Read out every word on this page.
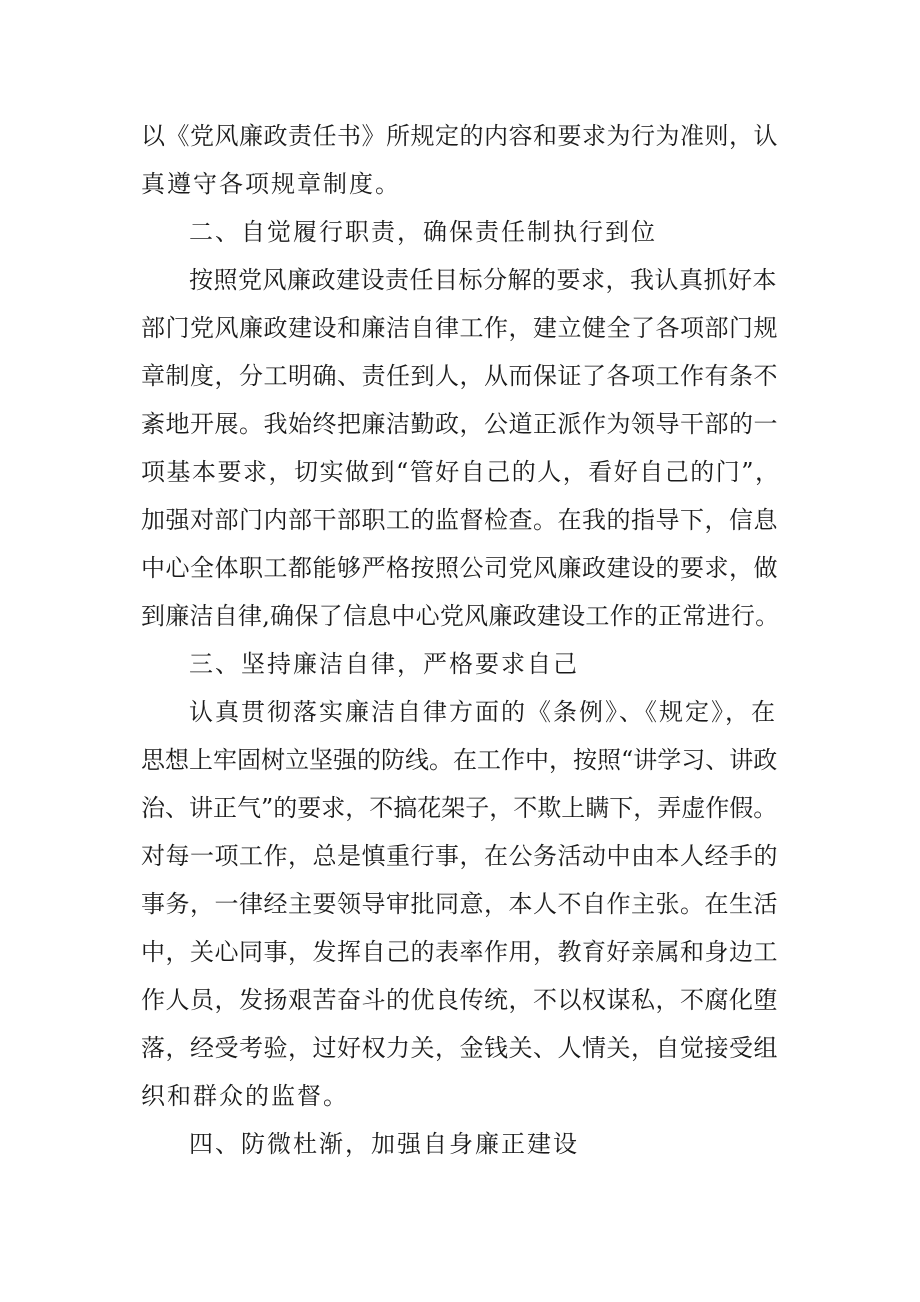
以《党风廉政责任书》所规定的内容和要求为行为准则，认
真遵守各项规章制度。
二、自觉履行职责，确保责任制执行到位
按照党风廉政建设责任目标分解的要求，我认真抓好本
部门党风廉政建设和廉洁自律工作，建立健全了各项部门规
章制度，分工明确、责任到人，从而保证了各项工作有条不
紊地开展。我始终把廉洁勤政，公道正派作为领导干部的一
项基本要求，切实做到“管好自己的人，看好自己的门”，
加强对部门内部干部职工的监督检查。在我的指导下，信息
中心全体职工都能够严格按照公司党风廉政建设的要求，做
到廉洁自律,确保了信息中心党风廉政建设工作的正常进行。
三、坚持廉洁自律，严格要求自己
认真贯彻落实廉洁自律方面的《条例》、《规定》，在
思想上牢固树立坚强的防线。在工作中，按照“讲学习、讲政
治、讲正气”的要求，不搞花架子，不欺上瞒下，弄虚作假。
对每一项工作，总是慎重行事，在公务活动中由本人经手的
事务，一律经主要领导审批同意，本人不自作主张。在生活
中，关心同事，发挥自己的表率作用，教育好亲属和身边工
作人员，发扬艰苦奋斗的优良传统，不以权谋私，不腐化堕
落，经受考验，过好权力关，金钱关、人情关，自觉接受组
织和群众的监督。
四、防微杜渐，加强自身廉正建设
